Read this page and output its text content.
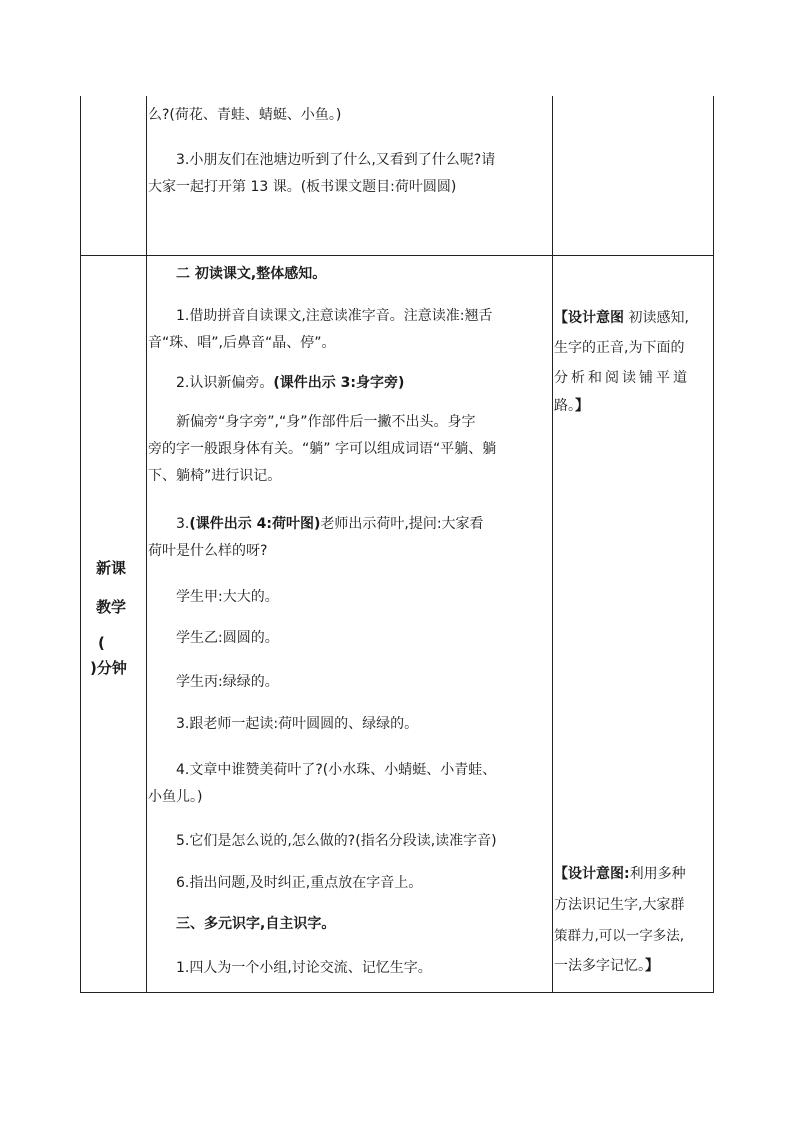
么?(荷花、青蛙、蜻蜓、小鱼。)
3.小朋友们在池塘边听到了什么,又看到了什么呢?请
大家一起打开第 13 课。(板书课文题目:荷叶圆圆)
新课
教学
(
)分钟
二 初读课文,整体感知。
1.借助拼音自读课文,注意读准字音。注意读准:翘舌
音“珠、唱”,后鼻音“晶、停”。
2.认识新偏旁。(课件出示 3:身字旁)
新偏旁“身字旁”,“身”作部件后一撇不出头。身字
旁的字一般跟身体有关。“躺” 字可以组成词语“平躺、躺
下、躺椅”进行识记。
3.(课件出示 4:荷叶图)老师出示荷叶,提问:大家看
荷叶是什么样的呀?
学生甲:大大的。
学生乙:圆圆的。
学生丙:绿绿的。
3.跟老师一起读:荷叶圆圆的、绿绿的。
4.文章中谁赞美荷叶了?(小水珠、小蜻蜓、小青蛙、
小鱼儿。)
5.它们是怎么说的,怎么做的?(指名分段读,读准字音)
6.指出问题,及时纠正,重点放在字音上。
三、多元识字,自主识字。
1.四人为一个小组,讨论交流、记忆生字。
【设计意图 初读感知,
生字的正音,为下面的
分析和阅读铺平道
路。】
【设计意图:利用多种
方法识记生字,大家群
策群力,可以一字多法,
一法多字记忆。】
